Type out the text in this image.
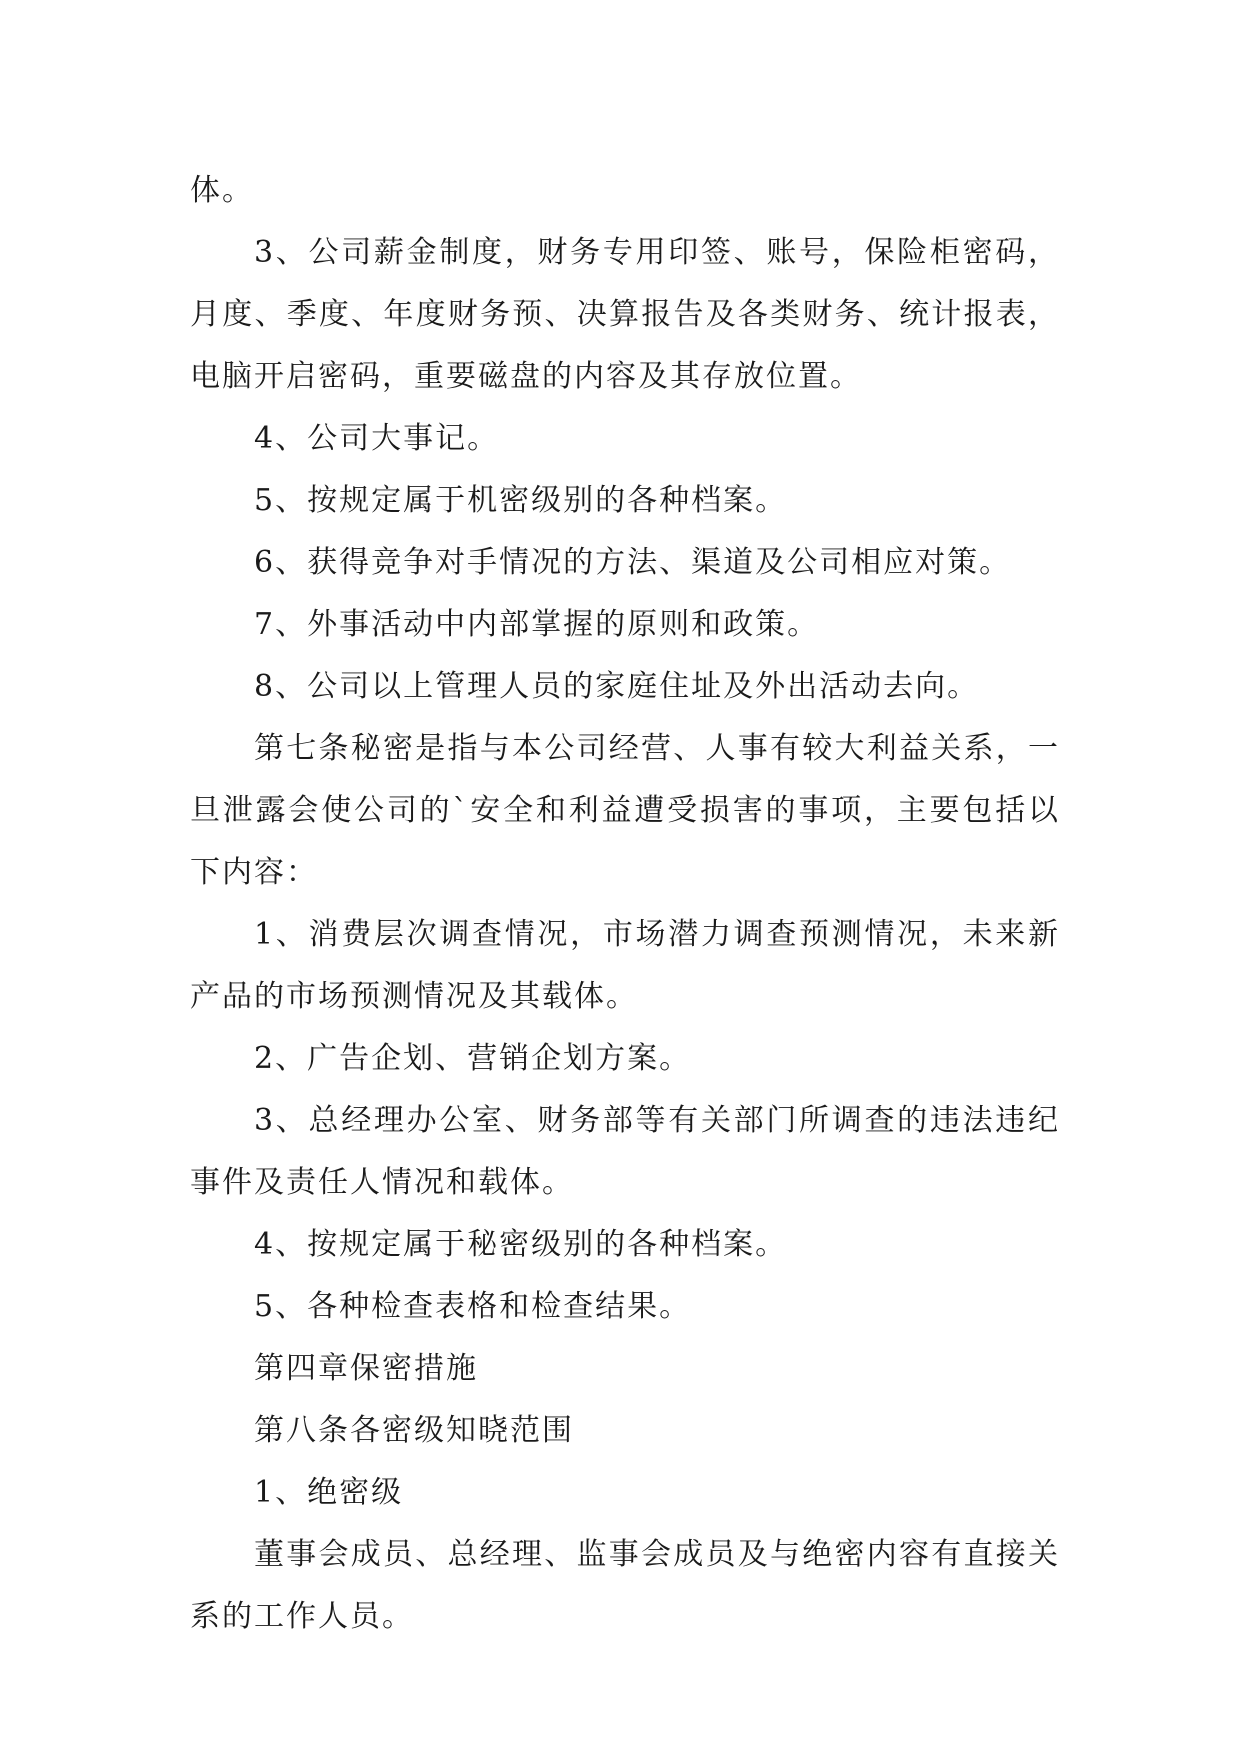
体。

3、公司薪金制度，财务专用印签、账号，保险柜密码，月度、季度、年度财务预、决算报告及各类财务、统计报表，电脑开启密码，重要磁盘的内容及其存放位置。

4、公司大事记。

5、按规定属于机密级别的各种档案。

6、获得竞争对手情况的方法、渠道及公司相应对策。

7、外事活动中内部掌握的原则和政策。

8、公司以上管理人员的家庭住址及外出活动去向。

第七条秘密是指与本公司经营、人事有较大利益关系，一旦泄露会使公司的`安全和利益遭受损害的事项，主要包括以下内容：

1、消费层次调查情况，市场潜力调查预测情况，未来新产品的市场预测情况及其载体。

2、广告企划、营销企划方案。

3、总经理办公室、财务部等有关部门所调查的违法违纪事件及责任人情况和载体。

4、按规定属于秘密级别的各种档案。

5、各种检查表格和检查结果。

第四章保密措施

第八条各密级知晓范围

1、绝密级

董事会成员、总经理、监事会成员及与绝密内容有直接关系的工作人员。
